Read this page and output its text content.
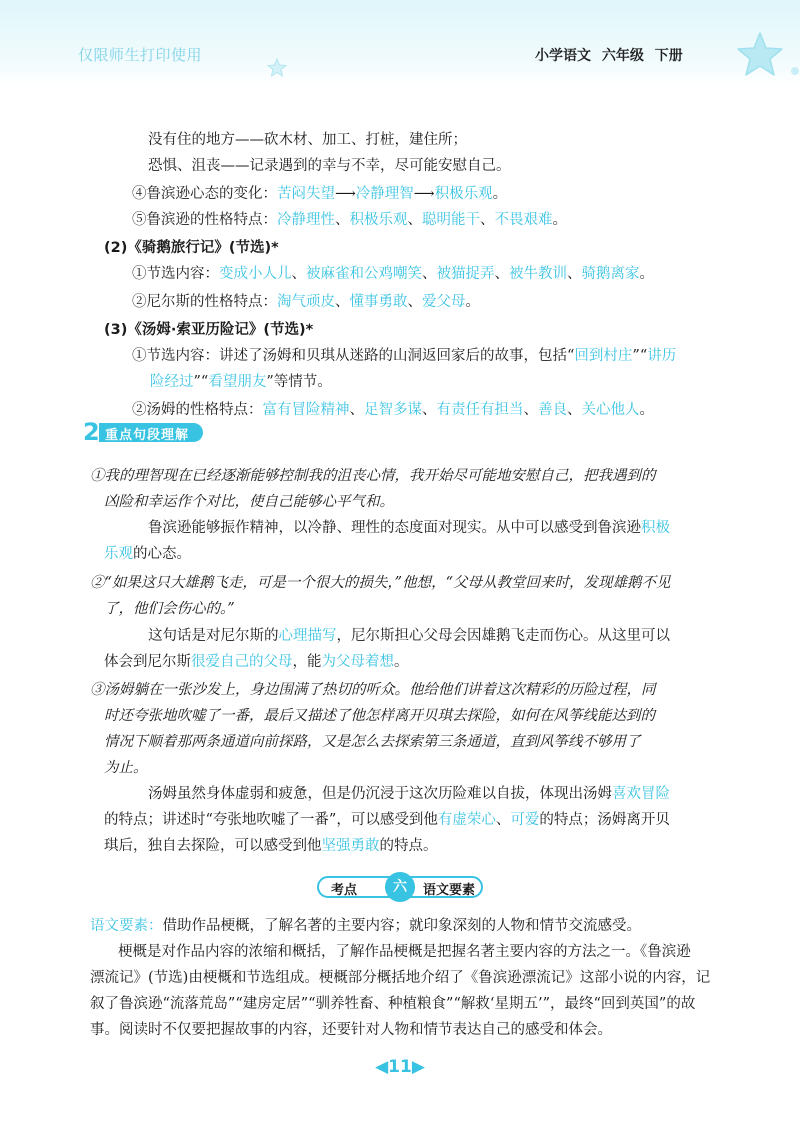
仅限师生打印使用	小学语文 六年级 下册
没有住的地方——砍木材、加工、打桩，建住所；
恐惧、沮丧——记录遇到的幸与不幸，尽可能安慰自己。
④鲁滨逊心态的变化：苦闷失望⟶冷静理智⟶积极乐观。
⑤鲁滨逊的性格特点：冷静理性、积极乐观、聪明能干、不畏艰难。
(2)《骑鹅旅行记》(节选)*
①节选内容：变成小人儿、被麻雀和公鸡嘲笑、被猫捉弄、被牛教训、骑鹅离家。
②尼尔斯的性格特点：淘气顽皮、懂事勇敢、爱父母。
(3)《汤姆·索亚历险记》(节选)*
①节选内容：讲述了汤姆和贝琪从迷路的山洞返回家后的故事，包括“回到村庄”“讲历
险经过”“看望朋友”等情节。
②汤姆的性格特点：富有冒险精神、足智多谋、有责任有担当、善良、关心他人。
①我的理智现在已经逐渐能够控制我的沮丧心情，我开始尽可能地安慰自己，把我遇到的
凶险和幸运作个对比，使自己能够心平气和。
鲁滨逊能够振作精神，以冷静、理性的态度面对现实。从中可以感受到鲁滨逊积极
乐观的心态。
②“如果这只大雄鹅飞走，可是一个很大的损失，”他想，“父母从教堂回来时，发现雄鹅不见
了，他们会伤心的。”
这句话是对尼尔斯的心理描写，尼尔斯担心父母会因雄鹅飞走而伤心。从这里可以
体会到尼尔斯很爱自己的父母，能为父母着想。
③汤姆躺在一张沙发上，身边围满了热切的听众。他给他们讲着这次精彩的历险过程，同
时还夸张地吹嘘了一番，最后又描述了他怎样离开贝琪去探险，如何在风筝线能达到的
情况下顺着那两条通道向前探路，又是怎么去探索第三条通道，直到风筝线不够用了
为止。
汤姆虽然身体虚弱和疲惫，但是仍沉浸于这次历险难以自拔，体现出汤姆喜欢冒险
的特点；讲述时“夸张地吹嘘了一番”，可以感受到他有虚荣心、可爱的特点；汤姆离开贝
琪后，独自去探险，可以感受到他坚强勇敢的特点。
语文要素：借助作品梗概，了解名著的主要内容；就印象深刻的人物和情节交流感受。
梗概是对作品内容的浓缩和概括，了解作品梗概是把握名著主要内容的方法之一。《鲁滨逊
漂流记》(节选)由梗概和节选组成。梗概部分概括地介绍了《鲁滨逊漂流记》这部小说的内容，记
叙了鲁滨逊“流落荒岛”“建房定居”“驯养牲畜、种植粮食”“解救‘星期五’”，最终“回到英国”的故
事。阅读时不仅要把握故事的内容，还要针对人物和情节表达自己的感受和体会。
2 重点句段理解
考点	六	语文要素
◀11▶
